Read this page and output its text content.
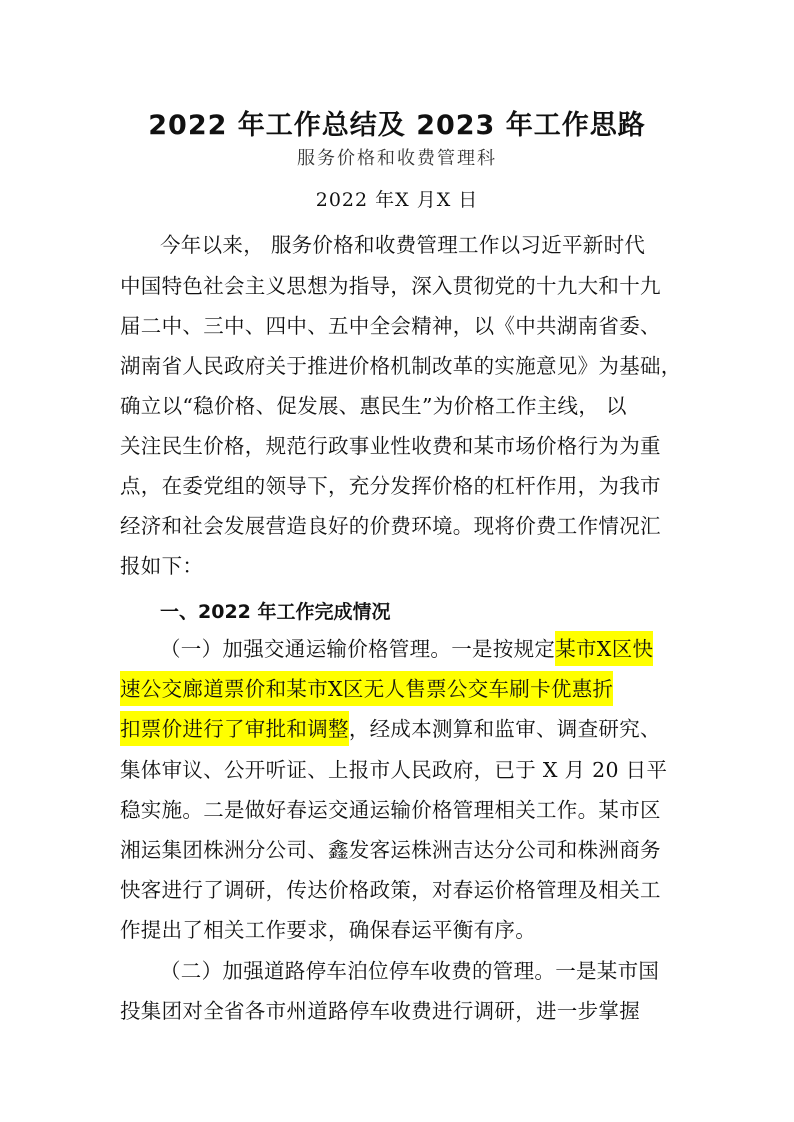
2022 年工作总结及 2023 年工作思路
服务价格和收费管理科
2022 年X 月X 日
今年以来， 服务价格和收费管理工作以习近平新时代
中国特色社会主义思想为指导，深入贯彻党的十九大和十九
届二中、三中、四中、五中全会精神，以《中共湖南省委、
湖南省人民政府关于推进价格机制改革的实施意见》为基础，
确立以“稳价格、促发展、惠民生”为价格工作主线， 以
关注民生价格，规范行政事业性收费和某市场价格行为为重
点，在委党组的领导下，充分发挥价格的杠杆作用，为我市
经济和社会发展营造良好的价费环境。现将价费工作情况汇
报如下：
一、2022 年工作完成情况
（一）加强交通运输价格管理。一是按规定某市X区快
速公交廊道票价和某市X区无人售票公交车刷卡优惠折
扣票价进行了审批和调整，经成本测算和监审、调查研究、
集体审议、公开听证、上报市人民政府，已于 X 月 20 日平
稳实施。二是做好春运交通运输价格管理相关工作。某市区
湘运集团株洲分公司、鑫发客运株洲吉达分公司和株洲商务
快客进行了调研，传达价格政策，对春运价格管理及相关工
作提出了相关工作要求，确保春运平衡有序。
（二）加强道路停车泊位停车收费的管理。一是某市国
投集团对全省各市州道路停车收费进行调研，进一步掌握
